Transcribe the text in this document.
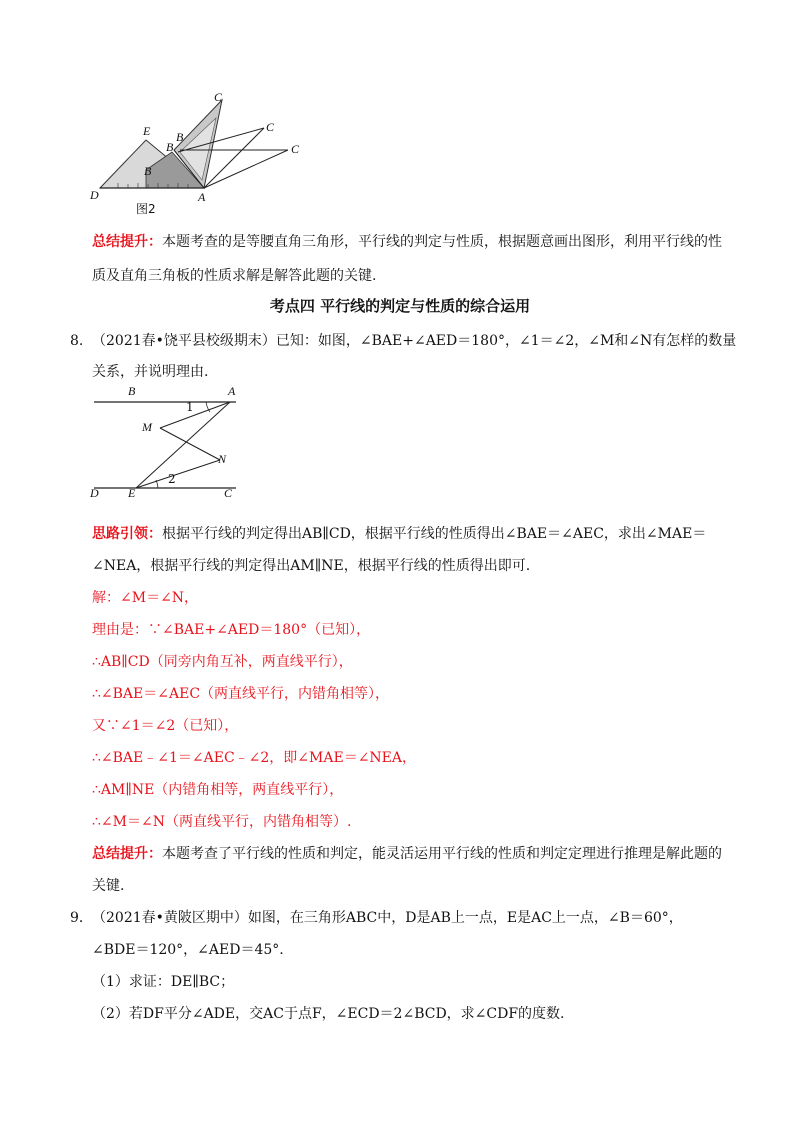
C
E B
B
C
B
C
D	A
图2
总结提升：本题考查的是等腰直角三角形，平行线的判定与性质，根据题意画出图形，利用平行线的性
质及直角三角板的性质求解是解答此题的关键.
考点四 平行线的判定与性质的综合运用
8. （2021春•饶平县校级期末）已知：如图，∠BAE+∠AED＝180°，∠1＝∠2，∠M和∠N有怎样的数量
关系，并说明理由.
B	A
1
M
N
D E
2
C
思路引领：根据平行线的判定得出AB∥CD，根据平行线的性质得出∠BAE＝∠AEC，求出∠MAE＝
∠NEA，根据平行线的判定得出AM∥NE，根据平行线的性质得出即可.
解：∠M＝∠N，
理由是：∵∠BAE+∠AED＝180°（已知），
∴AB∥CD（同旁内角互补，两直线平行），
∴∠BAE＝∠AEC（两直线平行，内错角相等），
又∵∠1＝∠2（已知），
∴∠BAE﹣∠1＝∠AEC﹣∠2，即∠MAE＝∠NEA，
∴AM∥NE（内错角相等，两直线平行），
∴∠M＝∠N（两直线平行，内错角相等）.
总结提升：本题考查了平行线的性质和判定，能灵活运用平行线的性质和判定定理进行推理是解此题的
关键.
9． （2021春•黄陂区期中）如图，在三角形ABC中，D是AB上一点，E是AC上一点，∠B＝60°，
∠BDE＝120°，∠AED＝45°.
（1）求证：DE∥BC；
（2）若DF平分∠ADE，交AC于点F，∠ECD＝2∠BCD，求∠CDF的度数.
